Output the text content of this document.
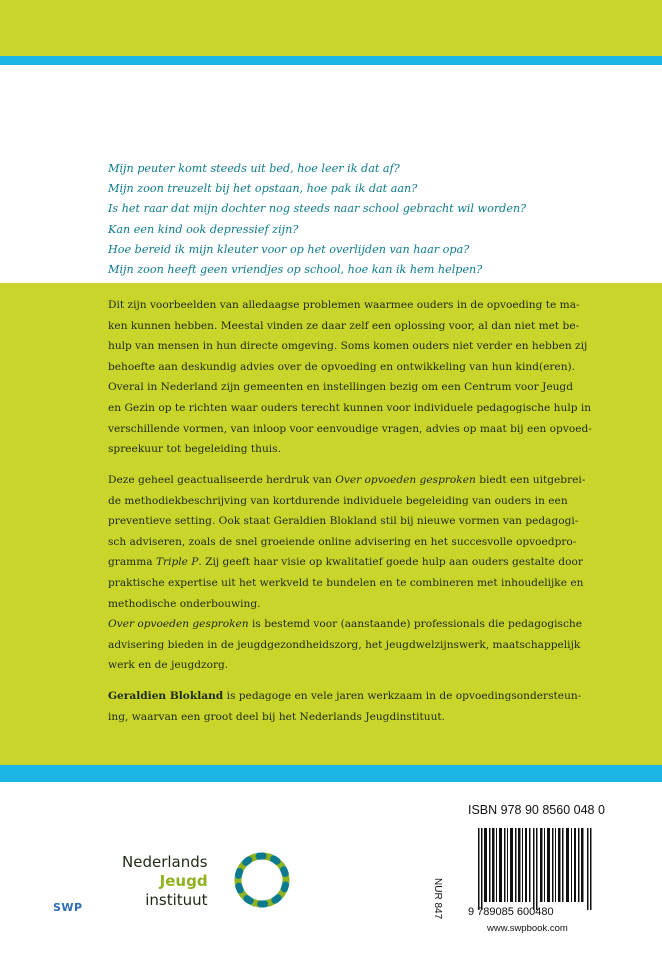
Mijn peuter komt steeds uit bed, hoe leer ik dat af?
Mijn zoon treuzelt bij het opstaan, hoe pak ik dat aan?
Is het raar dat mijn dochter nog steeds naar school gebracht wil worden?
Kan een kind ook depressief zijn?
Hoe bereid ik mijn kleuter voor op het overlijden van haar opa?
Mijn zoon heeft geen vriendjes op school, hoe kan ik hem helpen?
Dit zijn voorbeelden van alledaagse problemen waarmee ouders in de opvoeding te ma-
ken kunnen hebben. Meestal vinden ze daar zelf een oplossing voor, al dan niet met be-
hulp van mensen in hun directe omgeving. Soms komen ouders niet verder en hebben zij
behoefte aan deskundig advies over de opvoeding en ontwikkeling van hun kind(eren).
Overal in Nederland zijn gemeenten en instellingen bezig om een Centrum voor Jeugd
en Gezin op te richten waar ouders terecht kunnen voor individuele pedagogische hulp in
verschillende vormen, van inloop voor eenvoudige vragen, advies op maat bij een opvoed-
spreekuur tot begeleiding thuis.
Deze geheel geactualiseerde herdruk van Over opvoeden gesproken biedt een uitgebrei-
de methodiekbeschrijving van kortdurende individuele begeleiding van ouders in een
preventieve setting. Ook staat Geraldien Blokland stil bij nieuwe vormen van pedagogi-
sch adviseren, zoals de snel groeiende online advisering en het succesvolle opvoedpro-
gramma Triple P. Zij geeft haar visie op kwalitatief goede hulp aan ouders gestalte door
praktische expertise uit het werkveld te bundelen en te combineren met inhoudelijke en
methodische onderbouwing.
Over opvoeden gesproken is bestemd voor (aanstaande) professionals die pedagogische
advisering bieden in de jeugdgezondheidszorg, het jeugdwelzijnswerk, maatschappelijk
werk en de jeugdzorg.
Geraldien Blokland is pedagoge en vele jaren werkzaam in de opvoedingsondersteun-
ing, waarvan een groot deel bij het Nederlands Jeugdinstituut.
Nederlands
Jeugd
instituut
SWP
ISBN 978 90 8560 048 0
NUR 847 9 789085 600480
www.swpbook.com
